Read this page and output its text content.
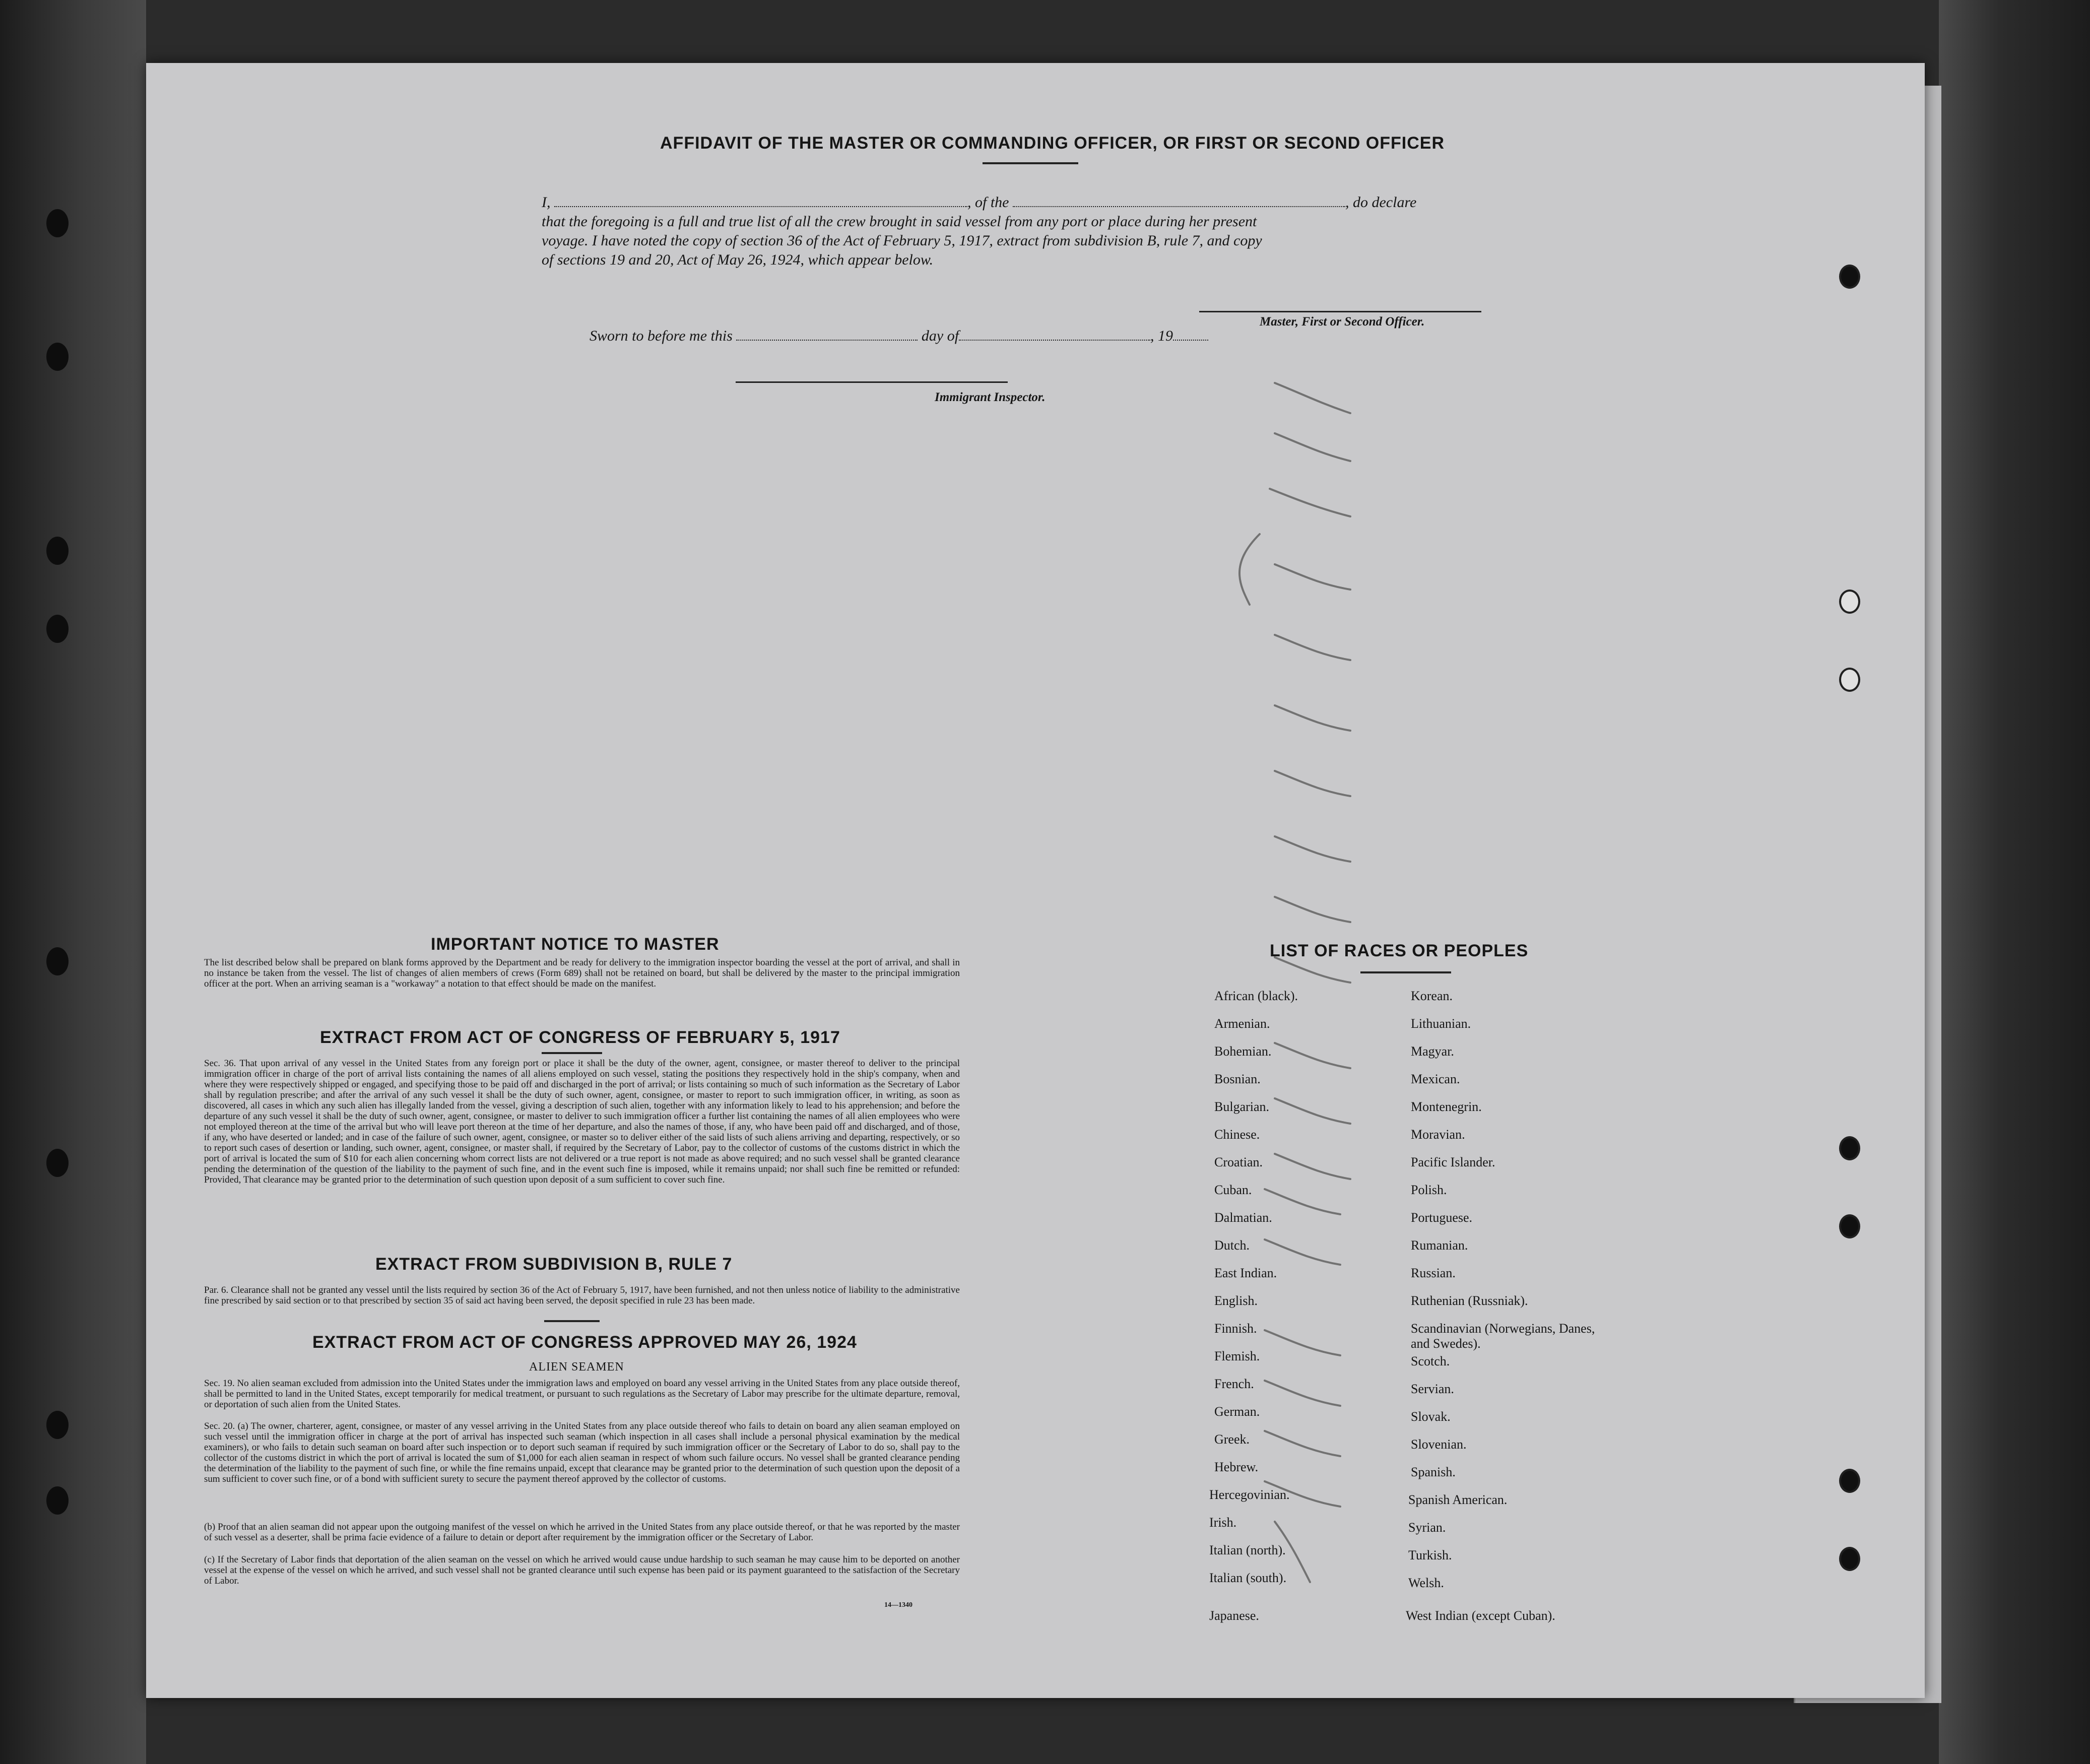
AFFIDAVIT OF THE MASTER OR COMMANDING OFFICER, OR FIRST OR SECOND OFFICER
I,	, of the	, do declare
that the foregoing is a full and true list of all the crew brought in said vessel from any port or place during her present
voyage. I have noted the copy of section 36 of the Act of February 5, 1917, extract from subdivision B, rule 7, and copy
of sections 19 and 20, Act of May 26, 1924, which appear below.
Master, First or Second Officer.
Sworn to before me this	day of	, 19
Immigrant Inspector.
IMPORTANT NOTICE TO MASTER
The list described below shall be prepared on blank forms approved by the Department and be ready for delivery to the immigration inspector boarding the vessel at the port of arrival, and shall in no instance be taken from the vessel. The list of changes of alien members of crews (Form 689) shall not be retained on board, but shall be delivered by the master to the principal immigration officer at the port. When an arriving seaman is a "workaway" a notation to that effect should be made on the manifest.
EXTRACT FROM ACT OF CONGRESS OF FEBRUARY 5, 1917
Sec. 36. That upon arrival of any vessel in the United States from any foreign port or place it shall be the duty of the owner, agent, consignee, or master thereof to deliver to the principal immigration officer in charge of the port of arrival lists containing the names of all aliens employed on such vessel, stating the positions they respectively hold in the ship's company, when and where they were respectively shipped or engaged, and specifying those to be paid off and discharged in the port of arrival; or lists containing so much of such information as the Secretary of Labor shall by regulation prescribe; and after the arrival of any such vessel it shall be the duty of such owner, agent, consignee, or master to report to such immigration officer, in writing, as soon as discovered, all cases in which any such alien has illegally landed from the vessel, giving a description of such alien, together with any information likely to lead to his apprehension; and before the departure of any such vessel it shall be the duty of such owner, agent, consignee, or master to deliver to such immigration officer a further list containing the names of all alien employees who were not employed thereon at the time of the arrival but who will leave port thereon at the time of her departure, and also the names of those, if any, who have been paid off and discharged, and of those, if any, who have deserted or landed; and in case of the failure of such owner, agent, consignee, or master so to deliver either of the said lists of such aliens arriving and departing, respectively, or so to report such cases of desertion or landing, such owner, agent, consignee, or master shall, if required by the Secretary of Labor, pay to the collector of customs of the customs district in which the port of arrival is located the sum of $10 for each alien concerning whom correct lists are not delivered or a true report is not made as above required; and no such vessel shall be granted clearance pending the determination of the question of the liability to the payment of such fine, and in the event such fine is imposed, while it remains unpaid; nor shall such fine be remitted or refunded: Provided, That clearance may be granted prior to the determination of such question upon deposit of a sum sufficient to cover such fine.
EXTRACT FROM SUBDIVISION B, RULE 7
Par. 6. Clearance shall not be granted any vessel until the lists required by section 36 of the Act of February 5, 1917, have been furnished, and not then unless notice of liability to the administrative fine prescribed by said section or to that prescribed by section 35 of said act having been served, the deposit specified in rule 23 has been made.
EXTRACT FROM ACT OF CONGRESS APPROVED MAY 26, 1924
ALIEN SEAMEN
Sec. 19. No alien seaman excluded from admission into the United States under the immigration laws and employed on board any vessel arriving in the United States from any place outside thereof, shall be permitted to land in the United States, except temporarily for medical treatment, or pursuant to such regulations as the Secretary of Labor may prescribe for the ultimate departure, removal, or deportation of such alien from the United States.
Sec. 20. (a) The owner, charterer, agent, consignee, or master of any vessel arriving in the United States from any place outside thereof who fails to detain on board any alien seaman employed on such vessel until the immigration officer in charge at the port of arrival has inspected such seaman (which inspection in all cases shall include a personal physical examination by the medical examiners), or who fails to detain such seaman on board after such inspection or to deport such seaman if required by such immigration officer or the Secretary of Labor to do so, shall pay to the collector of the customs district in which the port of arrival is located the sum of $1,000 for each alien seaman in respect of whom such failure occurs. No vessel shall be granted clearance pending the determination of the liability to the payment of such fine, or while the fine remains unpaid, except that clearance may be granted prior to the determination of such question upon the deposit of a sum sufficient to cover such fine, or of a bond with sufficient surety to secure the payment thereof approved by the collector of customs.
(b) Proof that an alien seaman did not appear upon the outgoing manifest of the vessel on which he arrived in the United States from any place outside thereof, or that he was reported by the master of such vessel as a deserter, shall be prima facie evidence of a failure to detain or deport after requirement by the immigration officer or the Secretary of Labor.
(c) If the Secretary of Labor finds that deportation of the alien seaman on the vessel on which he arrived would cause undue hardship to such seaman he may cause him to be deported on another vessel at the expense of the vessel on which he arrived, and such vessel shall not be granted clearance until such expense has been paid or its payment guaranteed to the satisfaction of the Secretary of Labor.
14—1340
LIST OF RACES OR PEOPLES
African (black).
Armenian.
Bohemian.
Bosnian.
Bulgarian.
Chinese.
Croatian.
Cuban.
Dalmatian.
Dutch.
East Indian.
English.
Finnish.
Flemish.
French.
German.
Greek.
Hebrew.
Hercegovinian.
Irish.
Italian (north).
Italian (south).
Japanese.
Korean.
Lithuanian.
Magyar.
Mexican.
Montenegrin.
Moravian.
Pacific Islander.
Polish.
Portuguese.
Rumanian.
Russian.
Ruthenian (Russniak).
Scandinavian (Norwegians, Danes, and Swedes).
Scotch.
Servian.
Slovak.
Slovenian.
Spanish.
Spanish American.
Syrian.
Turkish.
Welsh.
West Indian (except Cuban).
